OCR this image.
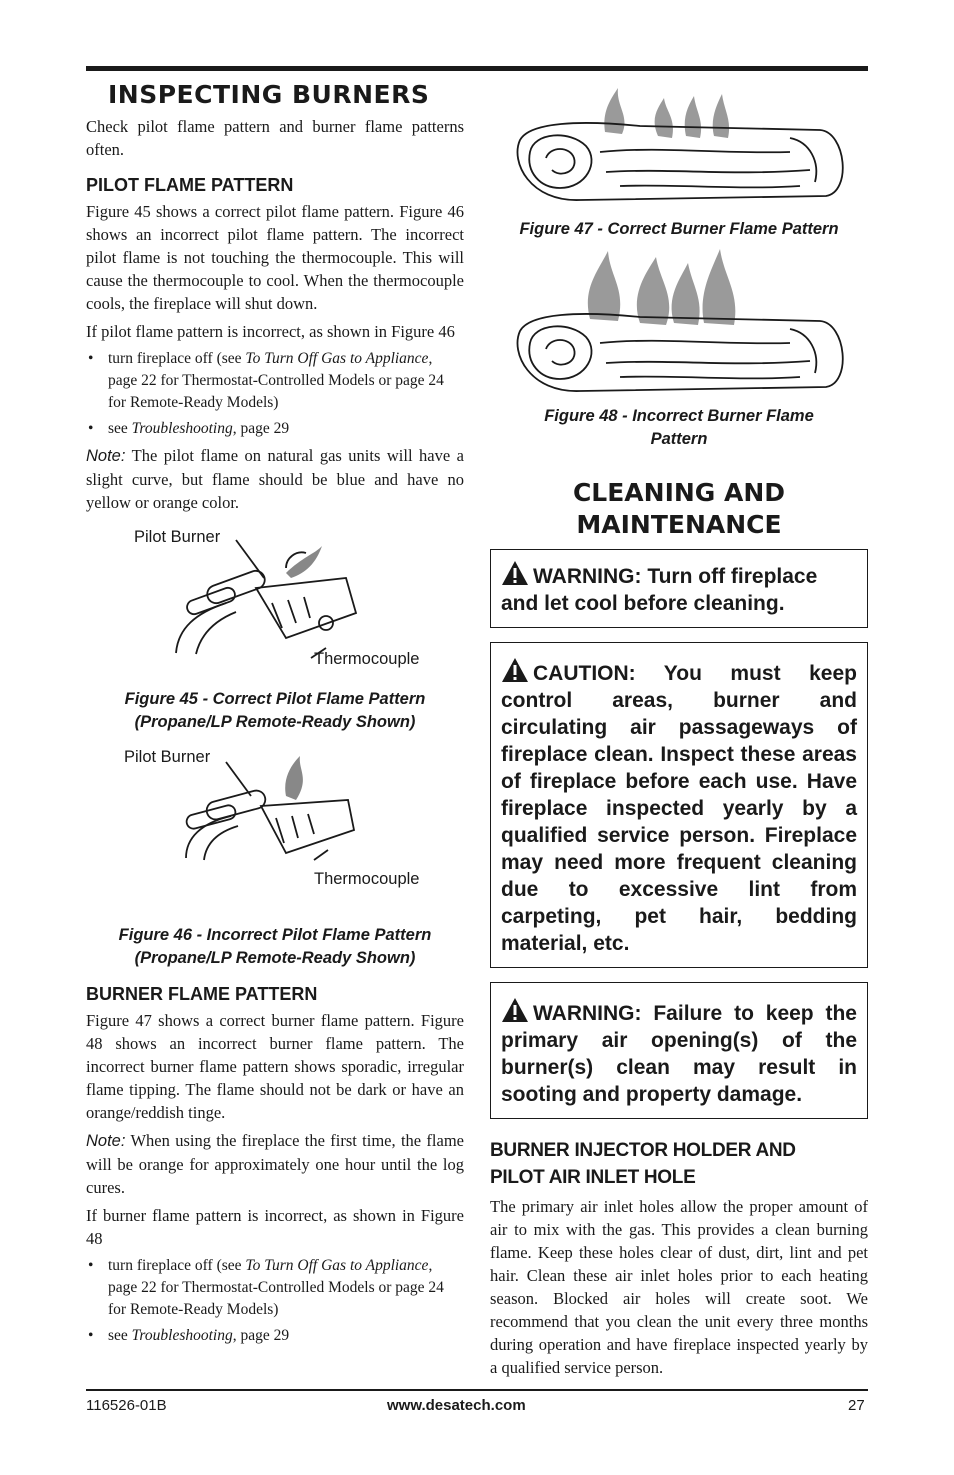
INSPECTING BURNERS

Check pilot flame pattern and burner flame patterns often.

PILOT FLAME PATTERN

Figure 45 shows a correct pilot flame pattern. Figure 46 shows an incorrect pilot flame pattern. The incorrect pilot flame is not touching the thermocouple. This will cause the thermocouple to cool. When the thermocouple cools, the fireplace will shut down.

If pilot flame pattern is incorrect, as shown in Figure 46

• turn fireplace off (see To Turn Off Gas to Appliance, page 22 for Thermostat-Controlled Models or page 24 for Remote-Ready Models)
• see Troubleshooting, page 29

Note: The pilot flame on natural gas units will have a slight curve, but flame should be blue and have no yellow or orange color.

Pilot Burner
Thermocouple
Figure 45 - Correct Pilot Flame Pattern
(Propane/LP Remote-Ready Shown)
Pilot Burner
Thermocouple
Figure 46 - Incorrect Pilot Flame Pattern
(Propane/LP Remote-Ready Shown)
BURNER FLAME PATTERN

Figure 47 shows a correct burner flame pattern. Figure 48 shows an incorrect burner flame pattern. The incorrect burner flame pattern shows sporadic, irregular flame tipping. The flame should not be dark or have an orange/reddish tinge.

Note: When using the fireplace the first time, the flame will be orange for approximately one hour until the log cures.

If burner flame pattern is incorrect, as shown in Figure 48

• turn fireplace off (see To Turn Off Gas to Appliance, page 22 for Thermostat-Controlled Models or page 24 for Remote-Ready Models)
• see Troubleshooting, page 29
Figure 47 - Correct Burner Flame Pattern
Figure 48 - Incorrect Burner Flame
Pattern
CLEANING AND
MAINTENANCE
WARNING: Turn off fireplace and let cool before cleaning.
CAUTION: You must keep control areas, burner and circulating air passageways of fireplace clean. Inspect these areas of fireplace before each use. Have fireplace inspected yearly by a qualified service person. Fireplace may need more frequent cleaning due to excessive lint from carpeting, pet hair, bedding material, etc.
WARNING: Failure to keep the primary air opening(s) of the burner(s) clean may result in sooting and property damage.
BURNER INJECTOR HOLDER AND
PILOT AIR INLET HOLE

The primary air inlet holes allow the proper amount of air to mix with the gas. This provides a clean burning flame. Keep these holes clear of dust, dirt, lint and pet hair. Clean these air inlet holes prior to each heating season. Blocked air holes will create soot. We recommend that you clean the unit every three months during operation and have fireplace inspected yearly by a qualified service person.

116526-01B	www.desatech.com	27
